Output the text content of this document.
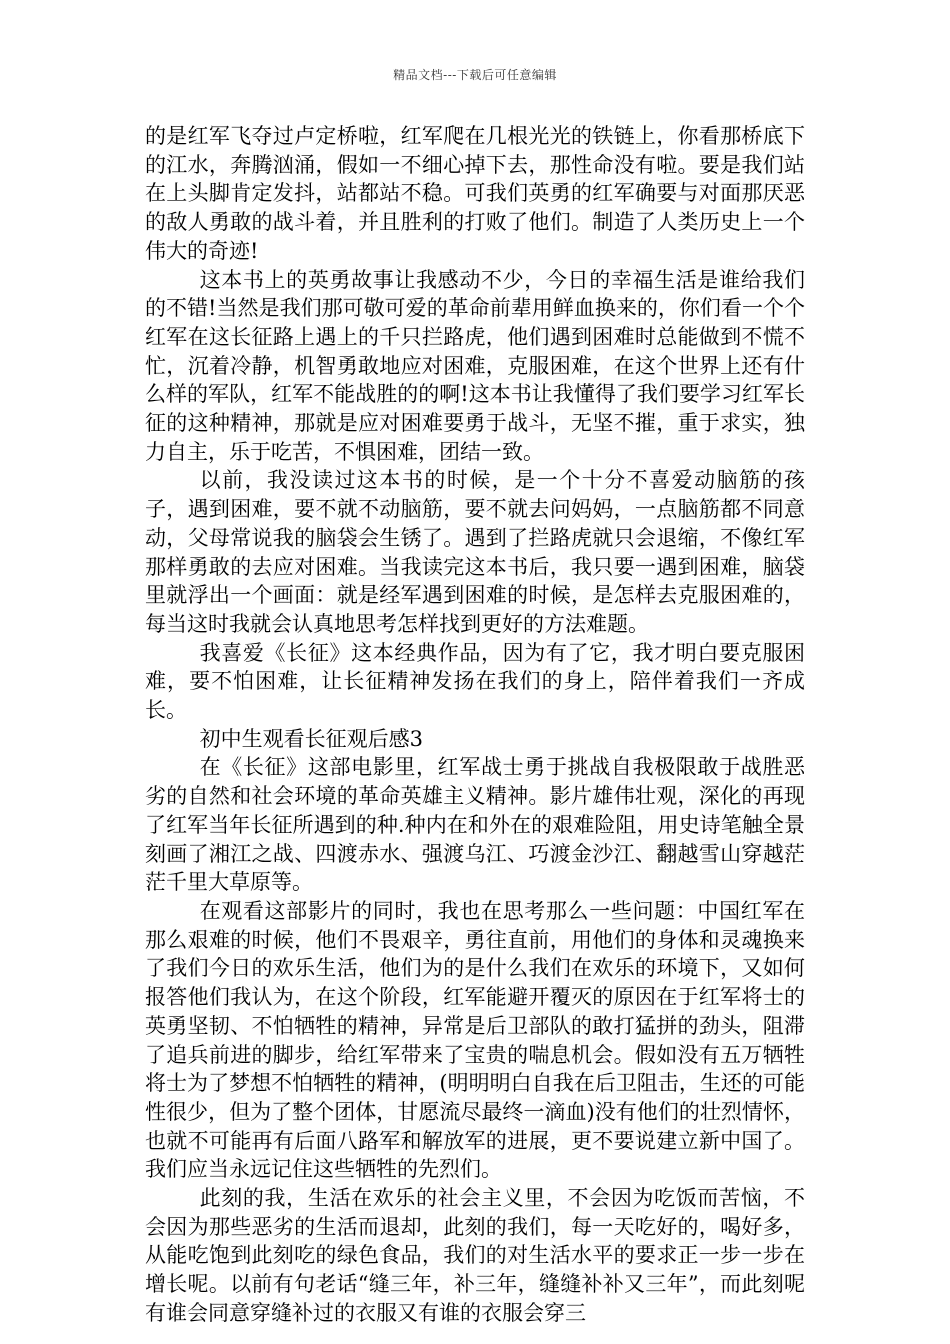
精品文档---下载后可任意编辑

的是红军飞夺过卢定桥啦，红军爬在几根光光的铁链上，你看那桥底下的江水，奔腾汹涌，假如一不细心掉下去，那性命没有啦。要是我们站在上头脚肯定发抖，站都站不稳。可我们英勇的红军确要与对面那厌恶的敌人勇敢的战斗着，并且胜利的打败了他们。制造了人类历史上一个伟大的奇迹!

这本书上的英勇故事让我感动不少，今日的幸福生活是谁给我们的不错!当然是我们那可敬可爱的革命前辈用鲜血换来的，你们看一个个红军在这长征路上遇上的千只拦路虎，他们遇到困难时总能做到不慌不忙，沉着冷静，机智勇敢地应对困难，克服困难，在这个世界上还有什么样的军队，红军不能战胜的的啊!这本书让我懂得了我们要学习红军长征的这种精神，那就是应对困难要勇于战斗，无坚不摧，重于求实，独力自主，乐于吃苦，不惧困难，团结一致。

以前，我没读过这本书的时候，是一个十分不喜爱动脑筋的孩子，遇到困难，要不就不动脑筋，要不就去问妈妈，一点脑筋都不同意动，父母常说我的脑袋会生锈了。遇到了拦路虎就只会退缩，不像红军那样勇敢的去应对困难。当我读完这本书后，我只要一遇到困难，脑袋里就浮出一个画面：就是经军遇到困难的时候，是怎样去克服困难的，每当这时我就会认真地思考怎样找到更好的方法难题。

我喜爱《长征》这本经典作品，因为有了它，我才明白要克服困难，要不怕困难，让长征精神发扬在我们的身上，陪伴着我们一齐成长。

初中生观看长征观后感3

在《长征》这部电影里，红军战士勇于挑战自我极限敢于战胜恶劣的自然和社会环境的革命英雄主义精神。影片雄伟壮观，深化的再现了红军当年长征所遇到的种.种内在和外在的艰难险阻，用史诗笔触全景刻画了湘江之战、四渡赤水、强渡乌江、巧渡金沙江、翻越雪山穿越茫茫千里大草原等。

在观看这部影片的同时，我也在思考那么一些问题：中国红军在那么艰难的时候，他们不畏艰辛，勇往直前，用他们的身体和灵魂换来了我们今日的欢乐生活，他们为的是什么我们在欢乐的环境下，又如何报答他们我认为，在这个阶段，红军能避开覆灭的原因在于红军将士的英勇坚韧、不怕牺牲的精神，异常是后卫部队的敢打猛拼的劲头，阻滞了追兵前进的脚步，给红军带来了宝贵的喘息机会。假如没有五万牺牲将士为了梦想不怕牺牲的精神，(明明明白自我在后卫阻击，生还的可能性很少，但为了整个团体，甘愿流尽最终一滴血)没有他们的壮烈情怀，也就不可能再有后面八路军和解放军的进展，更不要说建立新中国了。我们应当永远记住这些牺牲的先烈们。

此刻的我，生活在欢乐的社会主义里，不会因为吃饭而苦恼，不会因为那些恶劣的生活而退却，此刻的我们，每一天吃好的，喝好多，从能吃饱到此刻吃的绿色食品，我们的对生活水平的要求正一步一步在增长呢。以前有句老话“缝三年，补三年，缝缝补补又三年”，而此刻呢有谁会同意穿缝补过的衣服又有谁的衣服会穿三
